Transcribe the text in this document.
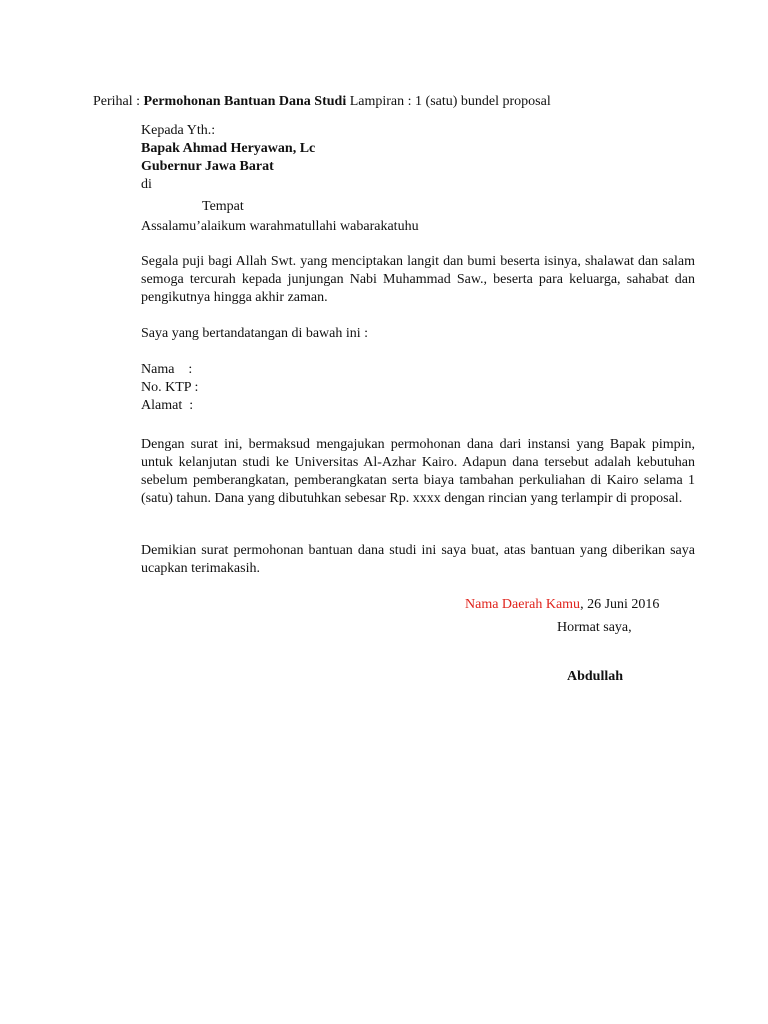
Perihal : Permohonan Bantuan Dana Studi Lampiran : 1 (satu) bundel proposal
Kepada Yth.:
Bapak Ahmad Heryawan, Lc
Gubernur Jawa Barat
di
Tempat
Assalamu’alaikum warahmatullahi wabarakatuhu
Segala puji bagi Allah Swt. yang menciptakan langit dan bumi beserta isinya, shalawat dan salam semoga tercurah kepada junjungan Nabi Muhammad Saw., beserta para keluarga, sahabat dan pengikutnya hingga akhir zaman.
Saya yang bertandatangan di bawah ini :
Nama    :
No. KTP :
Alamat  :
Dengan surat ini, bermaksud mengajukan permohonan dana dari instansi yang Bapak pimpin, untuk kelanjutan studi ke Universitas Al-Azhar Kairo. Adapun dana tersebut adalah kebutuhan sebelum pemberangkatan, pemberangkatan serta biaya tambahan perkuliahan di Kairo selama 1 (satu) tahun. Dana yang dibutuhkan sebesar Rp. xxxx dengan rincian yang terlampir di proposal.
Demikian surat permohonan bantuan dana studi ini saya buat, atas bantuan yang diberikan saya ucapkan terimakasih.
Nama Daerah Kamu, 26 Juni 2016
Hormat saya,
Abdullah
